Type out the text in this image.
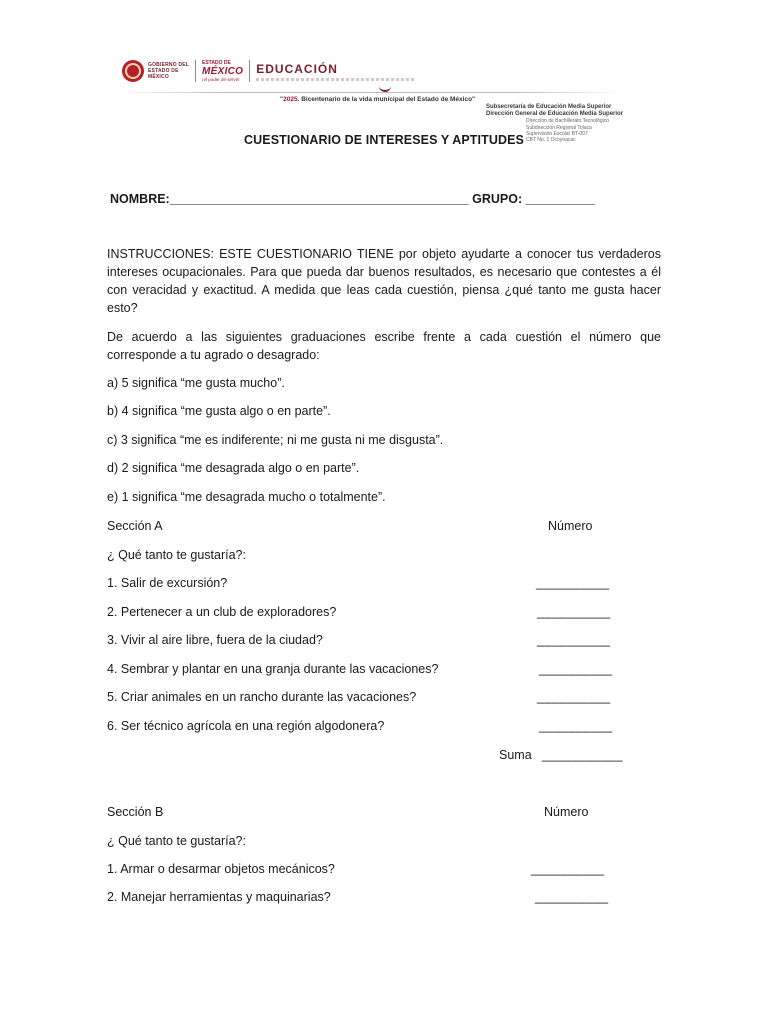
GOBIERNO DEL
ESTADO DE
MÉXICO
ESTADO DE
MÉXICO
¡el poder de servir!
EDUCACIÓN
"2025. Bicentenario de la vida municipal del Estado de México"
Subsecretaría de Educación Media Superior
Dirección General de Educación Media Superior
Dirección de Bachillerato Tecnológico
Subdirección Regional Toluca
Supervisión Escolar BT-007
CBT No. 1 Ocoyoacac
CUESTIONARIO DE INTERESES Y APTITUDES
NOMBRE:___________________________________________ GRUPO: __________
INSTRUCCIONES: ESTE CUESTIONARIO TIENE por objeto ayudarte a conocer tus verdaderos intereses ocupacionales. Para que pueda dar buenos resultados, es necesario que contestes a él con veracidad y exactitud. A medida que leas cada cuestión, piensa ¿qué tanto me gusta hacer esto?
De acuerdo a las siguientes graduaciones escribe frente a cada cuestión el número que corresponde a tu agrado o desagrado:
a) 5 significa “me gusta mucho”.
b) 4 significa “me gusta algo o en parte”.
c) 3 significa “me es indiferente; ni me gusta ni me disgusta”.
d) 2 significa “me desagrada algo o en parte”.
e) 1 significa “me desagrada mucho o totalmente”.
Sección A	Número
¿ Qué tanto te gustaría?:
1. Salir de excursión?	__________
2. Pertenecer a un club de exploradores?	__________
3. Vivir al aire libre, fuera de la ciudad?	__________
4. Sembrar y plantar en una granja durante las vacaciones?	__________
5. Criar animales en un rancho durante las vacaciones?	__________
6. Ser técnico agrícola en una región algodonera?	__________
Suma ___________
Sección B	Número
¿ Qué tanto te gustaría?:
1. Armar o desarmar objetos mecánicos?	__________
2. Manejar herramientas y maquinarias?	__________
